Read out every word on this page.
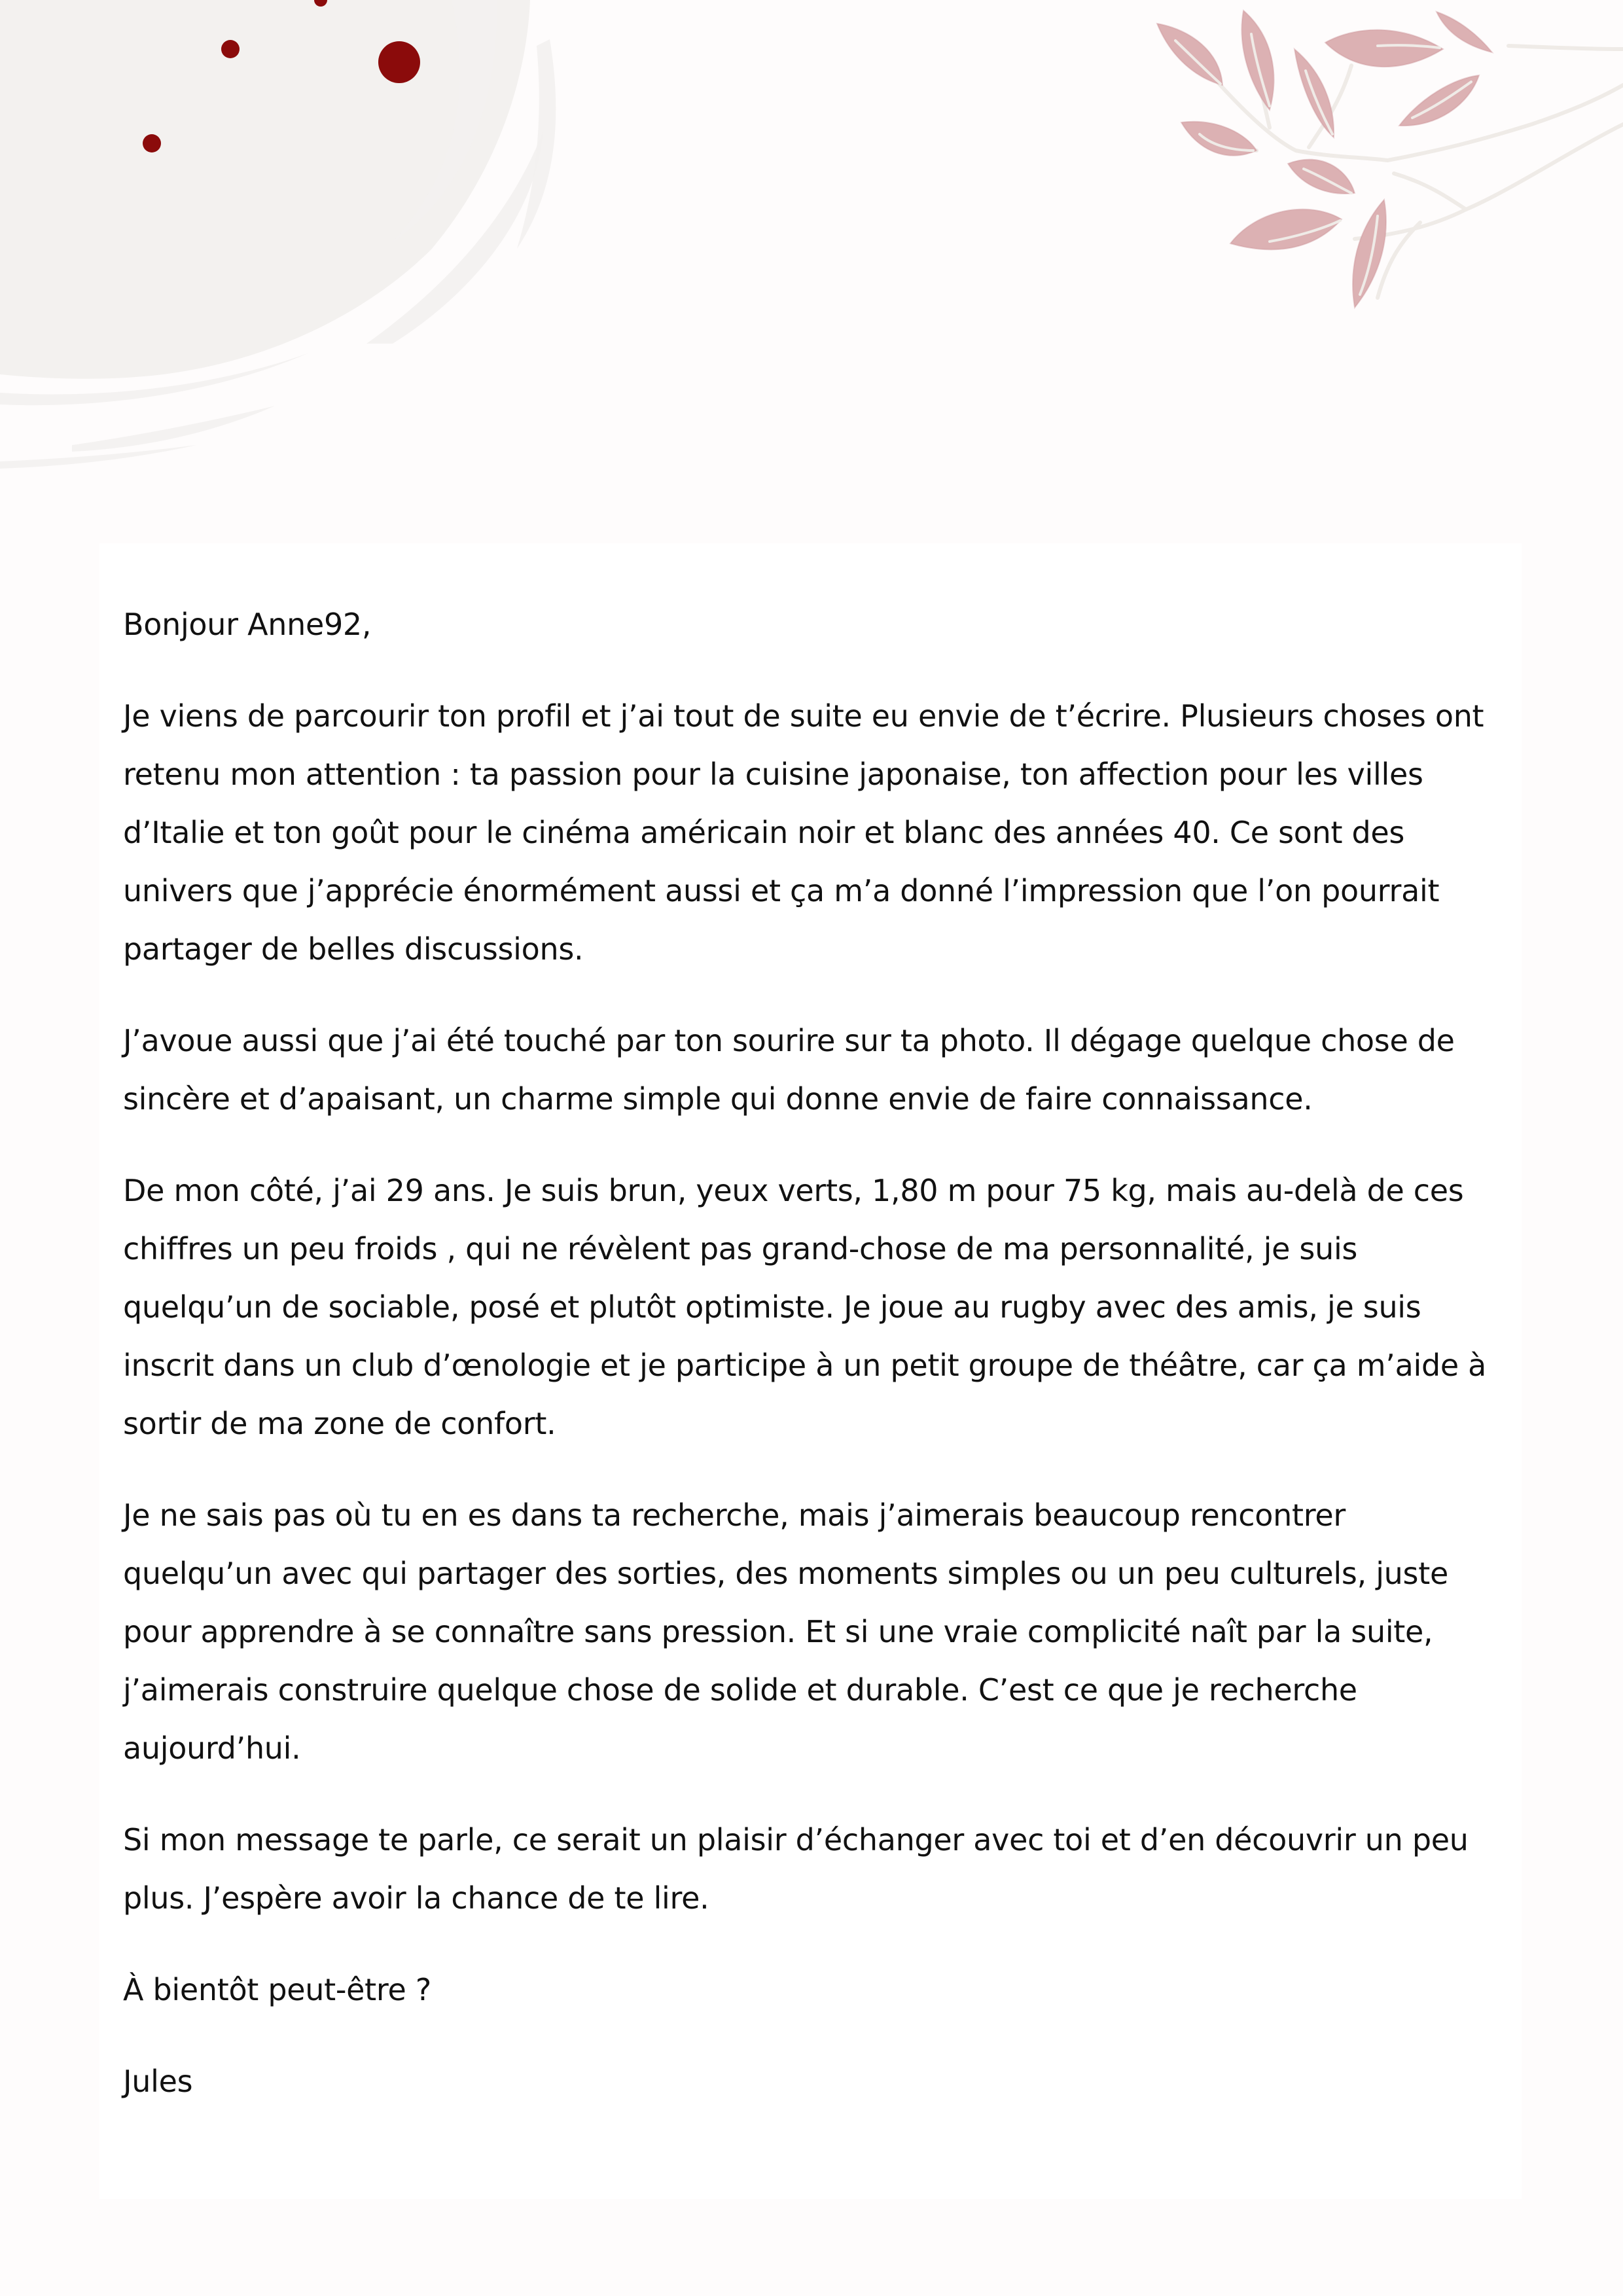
Bonjour Anne92,

Je viens de parcourir ton profil et j’ai tout de suite eu envie de t’écrire. Plusieurs choses ont retenu mon attention : ta passion pour la cuisine japonaise, ton affection pour les villes d’Italie et ton goût pour le cinéma américain noir et blanc des années 40. Ce sont des univers que j’apprécie énormément aussi et ça m’a donné l’impression que l’on pourrait partager de belles discussions.

J’avoue aussi que j’ai été touché par ton sourire sur ta photo. Il dégage quelque chose de sincère et d’apaisant, un charme simple qui donne envie de faire connaissance.

De mon côté, j’ai 29 ans. Je suis brun, yeux verts, 1,80 m pour 75 kg, mais au-delà de ces chiffres un peu froids , qui ne révèlent pas grand-chose de ma personnalité, je suis quelqu’un de sociable, posé et plutôt optimiste. Je joue au rugby avec des amis, je suis inscrit dans un club d’œnologie et je participe à un petit groupe de théâtre, car ça m’aide à sortir de ma zone de confort.

Je ne sais pas où tu en es dans ta recherche, mais j’aimerais beaucoup rencontrer quelqu’un avec qui partager des sorties, des moments simples ou un peu culturels, juste pour apprendre à se connaître sans pression. Et si une vraie complicité naît par la suite, j’aimerais construire quelque chose de solide et durable. C’est ce que je recherche aujourd’hui.

Si mon message te parle, ce serait un plaisir d’échanger avec toi et d’en découvrir un peu plus. J’espère avoir la chance de te lire.

À bientôt peut-être ?

Jules
